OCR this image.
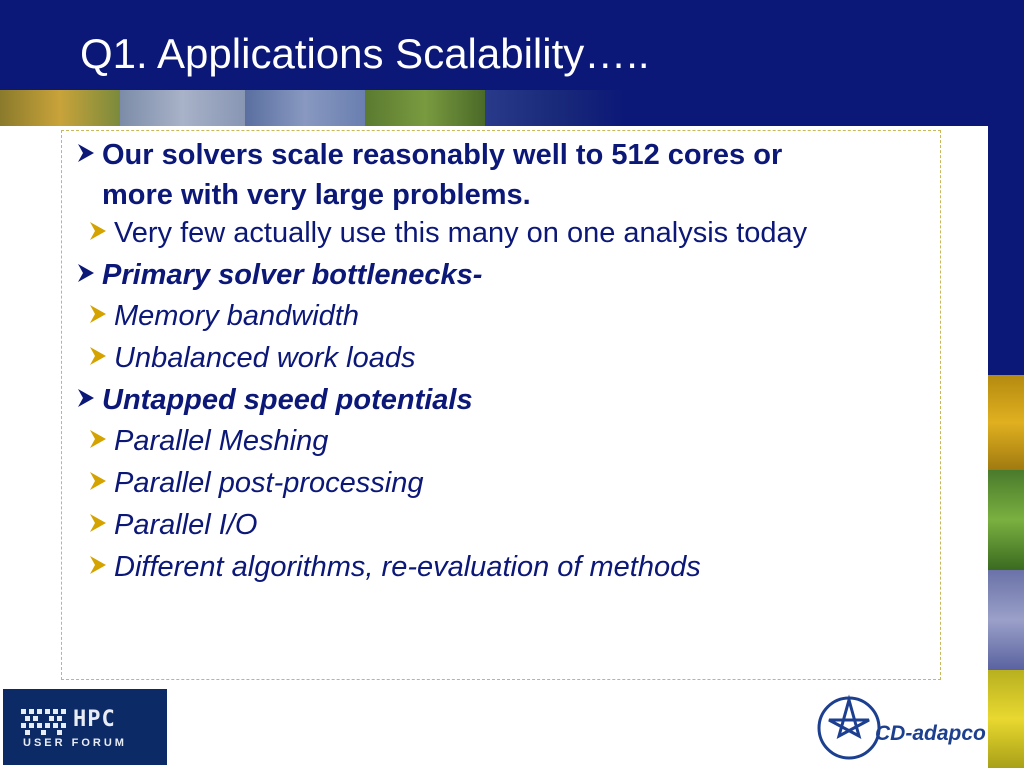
Q1. Applications Scalability…..
Our solvers scale reasonably well to 512 cores or
more with very large problems.
Very few actually use this many on one analysis today
Primary solver bottlenecks-
Memory bandwidth
Unbalanced work loads
Untapped speed potentials
Parallel Meshing
Parallel post-processing
Parallel I/O
Different algorithms, re-evaluation of methods
HPC
USER FORUM	CD-adapco
